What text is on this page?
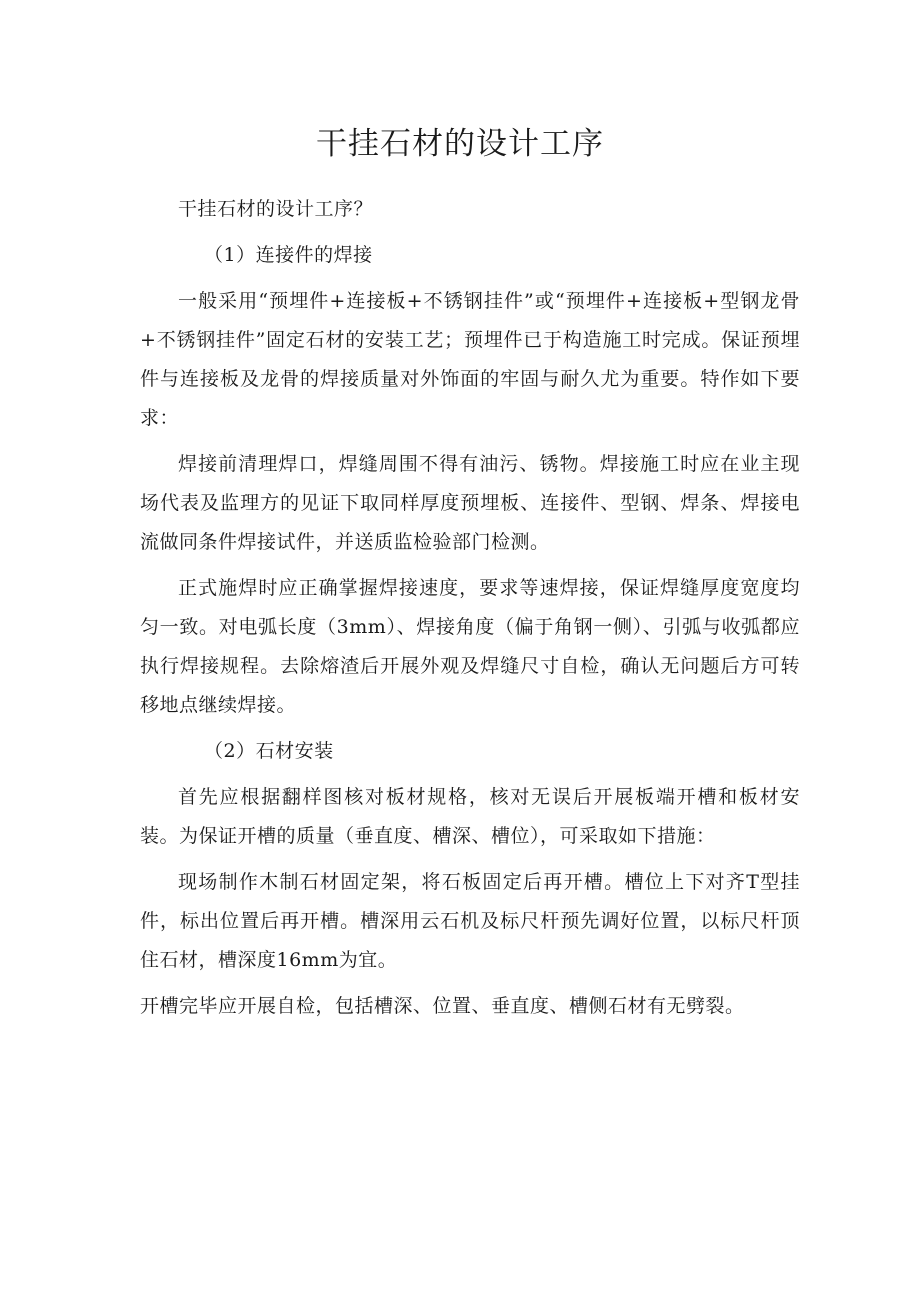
干挂石材的设计工序

干挂石材的设计工序？

（1）连接件的焊接

一般采用“预埋件+连接板+不锈钢挂件”或“预埋件+连接板+型钢龙骨+不锈钢挂件”固定石材的安装工艺；预埋件已于构造施工时完成。保证预埋件与连接板及龙骨的焊接质量对外饰面的牢固与耐久尤为重要。特作如下要求：

焊接前清理焊口，焊缝周围不得有油污、锈物。焊接施工时应在业主现场代表及监理方的见证下取同样厚度预埋板、连接件、型钢、焊条、焊接电流做同条件焊接试件，并送质监检验部门检测。

正式施焊时应正确掌握焊接速度，要求等速焊接，保证焊缝厚度宽度均匀一致。对电弧长度（3mm）、焊接角度（偏于角钢一侧）、引弧与收弧都应执行焊接规程。去除熔渣后开展外观及焊缝尺寸自检，确认无问题后方可转移地点继续焊接。

（2）石材安装

首先应根据翻样图核对板材规格，核对无误后开展板端开槽和板材安装。为保证开槽的质量（垂直度、槽深、槽位），可采取如下措施：

现场制作木制石材固定架，将石板固定后再开槽。槽位上下对齐T型挂件，标出位置后再开槽。槽深用云石机及标尺杆预先调好位置，以标尺杆顶住石材，槽深度16mm为宜。

开槽完毕应开展自检，包括槽深、位置、垂直度、槽侧石材有无劈裂。
